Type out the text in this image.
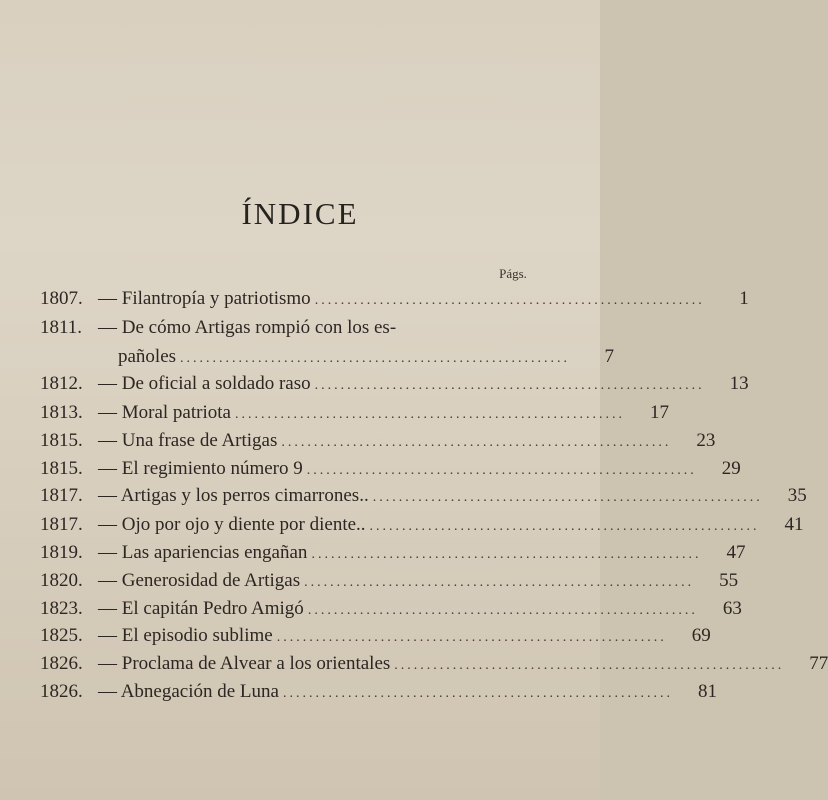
ÍNDICE
Págs.
1807. — Filantropía y patriotismo ............................................................	1
1811. — De cómo Artigas rompió con los es-
pañoles ............................................................	7
1812. — De oficial a soldado raso ............................................................	13
1813. — Moral patriota ............................................................	17
1815. — Una frase de Artigas ............................................................	23
1815. — El regimiento número 9 ............................................................	29
1817. — Artigas y los perros cimarrones.. ............................................................	35
1817. — Ojo por ojo y diente por diente.. ............................................................	41
1819. — Las apariencias engañan ............................................................	47
1820. — Generosidad de Artigas ............................................................	55
1823. — El capitán Pedro Amigó ............................................................	63
1825. — El episodio sublime ............................................................	69
1826. — Proclama de Alvear a los orientales ............................................................	77
1826. — Abnegación de Luna ............................................................	81
